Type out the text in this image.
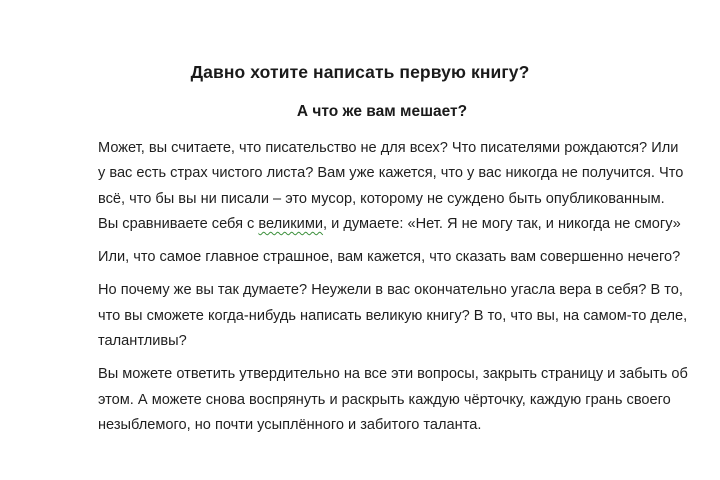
Давно хотите написать первую книгу?
А что же вам мешает?

Может, вы считаете, что писательство не для всех? Что писателями рождаются? Или у вас есть страх чистого листа? Вам уже кажется, что у вас никогда не получится. Что всё, что бы вы ни писали – это мусор, которому не суждено быть опубликованным. Вы сравниваете себя с великими, и думаете: «Нет. Я не могу так, и никогда не смогу»

Или, что самое главное страшное, вам кажется, что сказать вам совершенно нечего?

Но почему же вы так думаете? Неужели в вас окончательно угасла вера в себя? В то, что вы сможете когда-нибудь написать великую книгу? В то, что вы, на самом-то деле, талантливы?

Вы можете ответить утвердительно на все эти вопросы, закрыть страницу и забыть об этом. А можете снова воспрянуть и раскрыть каждую чёрточку, каждую грань своего незыблемого, но почти усыплённого и забитого таланта.
